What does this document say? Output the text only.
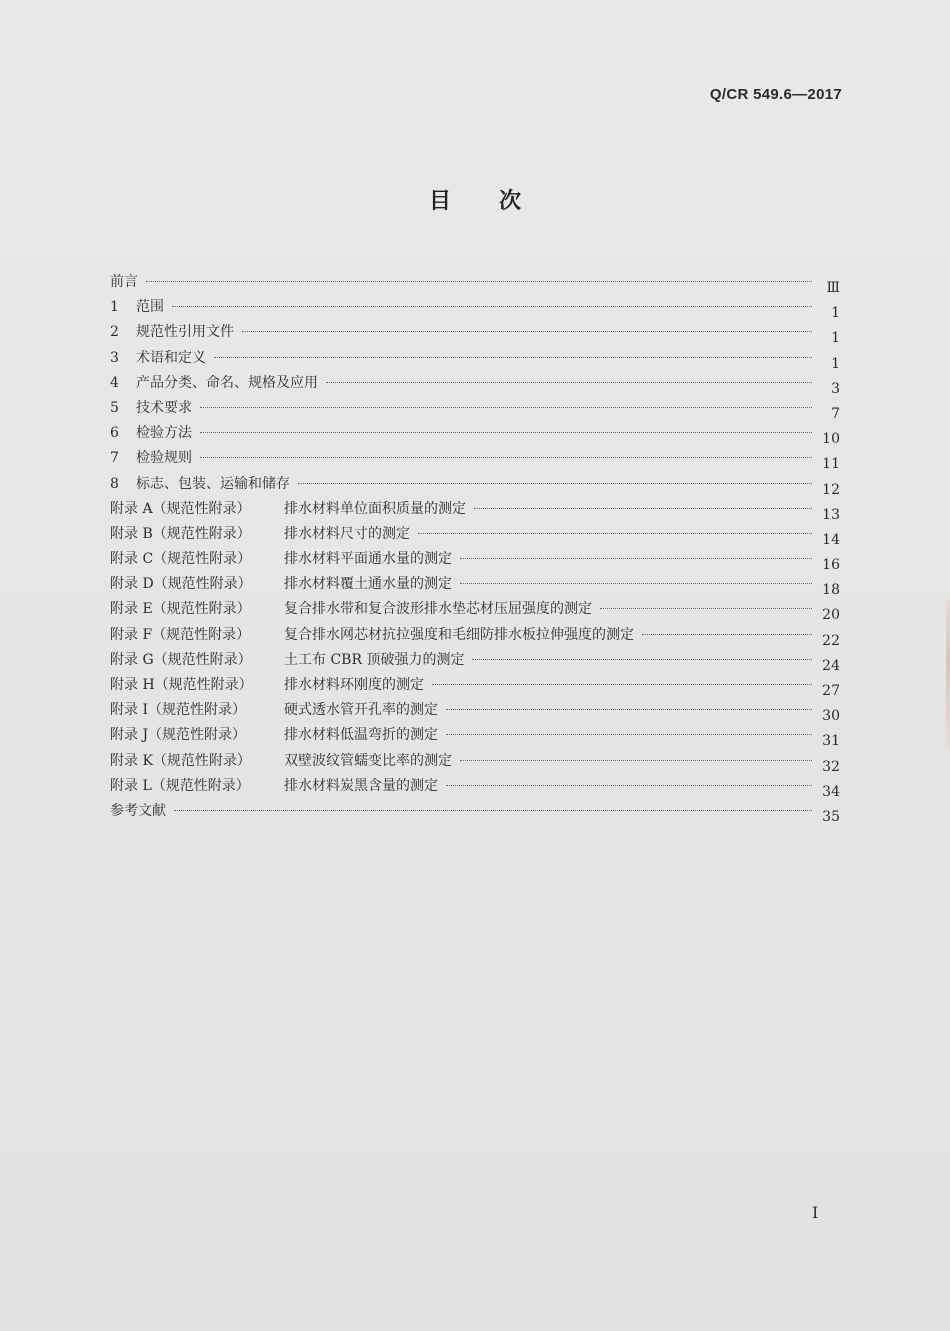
Q/CR 549.6—2017
目 次
前言	Ⅲ
1	范围	1
2	规范性引用文件	1
3	术语和定义	1
4	产品分类、命名、规格及应用	3
5	技术要求	7
6	检验方法	10
7	检验规则	11
8	标志、包装、运输和储存	12
附录 A（规范性附录）	排水材料单位面积质量的测定	13
附录 B（规范性附录）	排水材料尺寸的测定	14
附录 C（规范性附录）	排水材料平面通水量的测定	16
附录 D（规范性附录）	排水材料覆土通水量的测定	18
附录 E（规范性附录）	复合排水带和复合波形排水垫芯材压屈强度的测定	20
附录 F（规范性附录）	复合排水网芯材抗拉强度和毛细防排水板拉伸强度的测定	22
附录 G（规范性附录）	土工布 CBR 顶破强力的测定	24
附录 H（规范性附录）	排水材料环刚度的测定	27
附录 I（规范性附录）	硬式透水管开孔率的测定	30
附录 J（规范性附录）	排水材料低温弯折的测定	31
附录 K（规范性附录）	双壁波纹管蠕变比率的测定	32
附录 L（规范性附录）	排水材料炭黑含量的测定	34
参考文献	35
I
